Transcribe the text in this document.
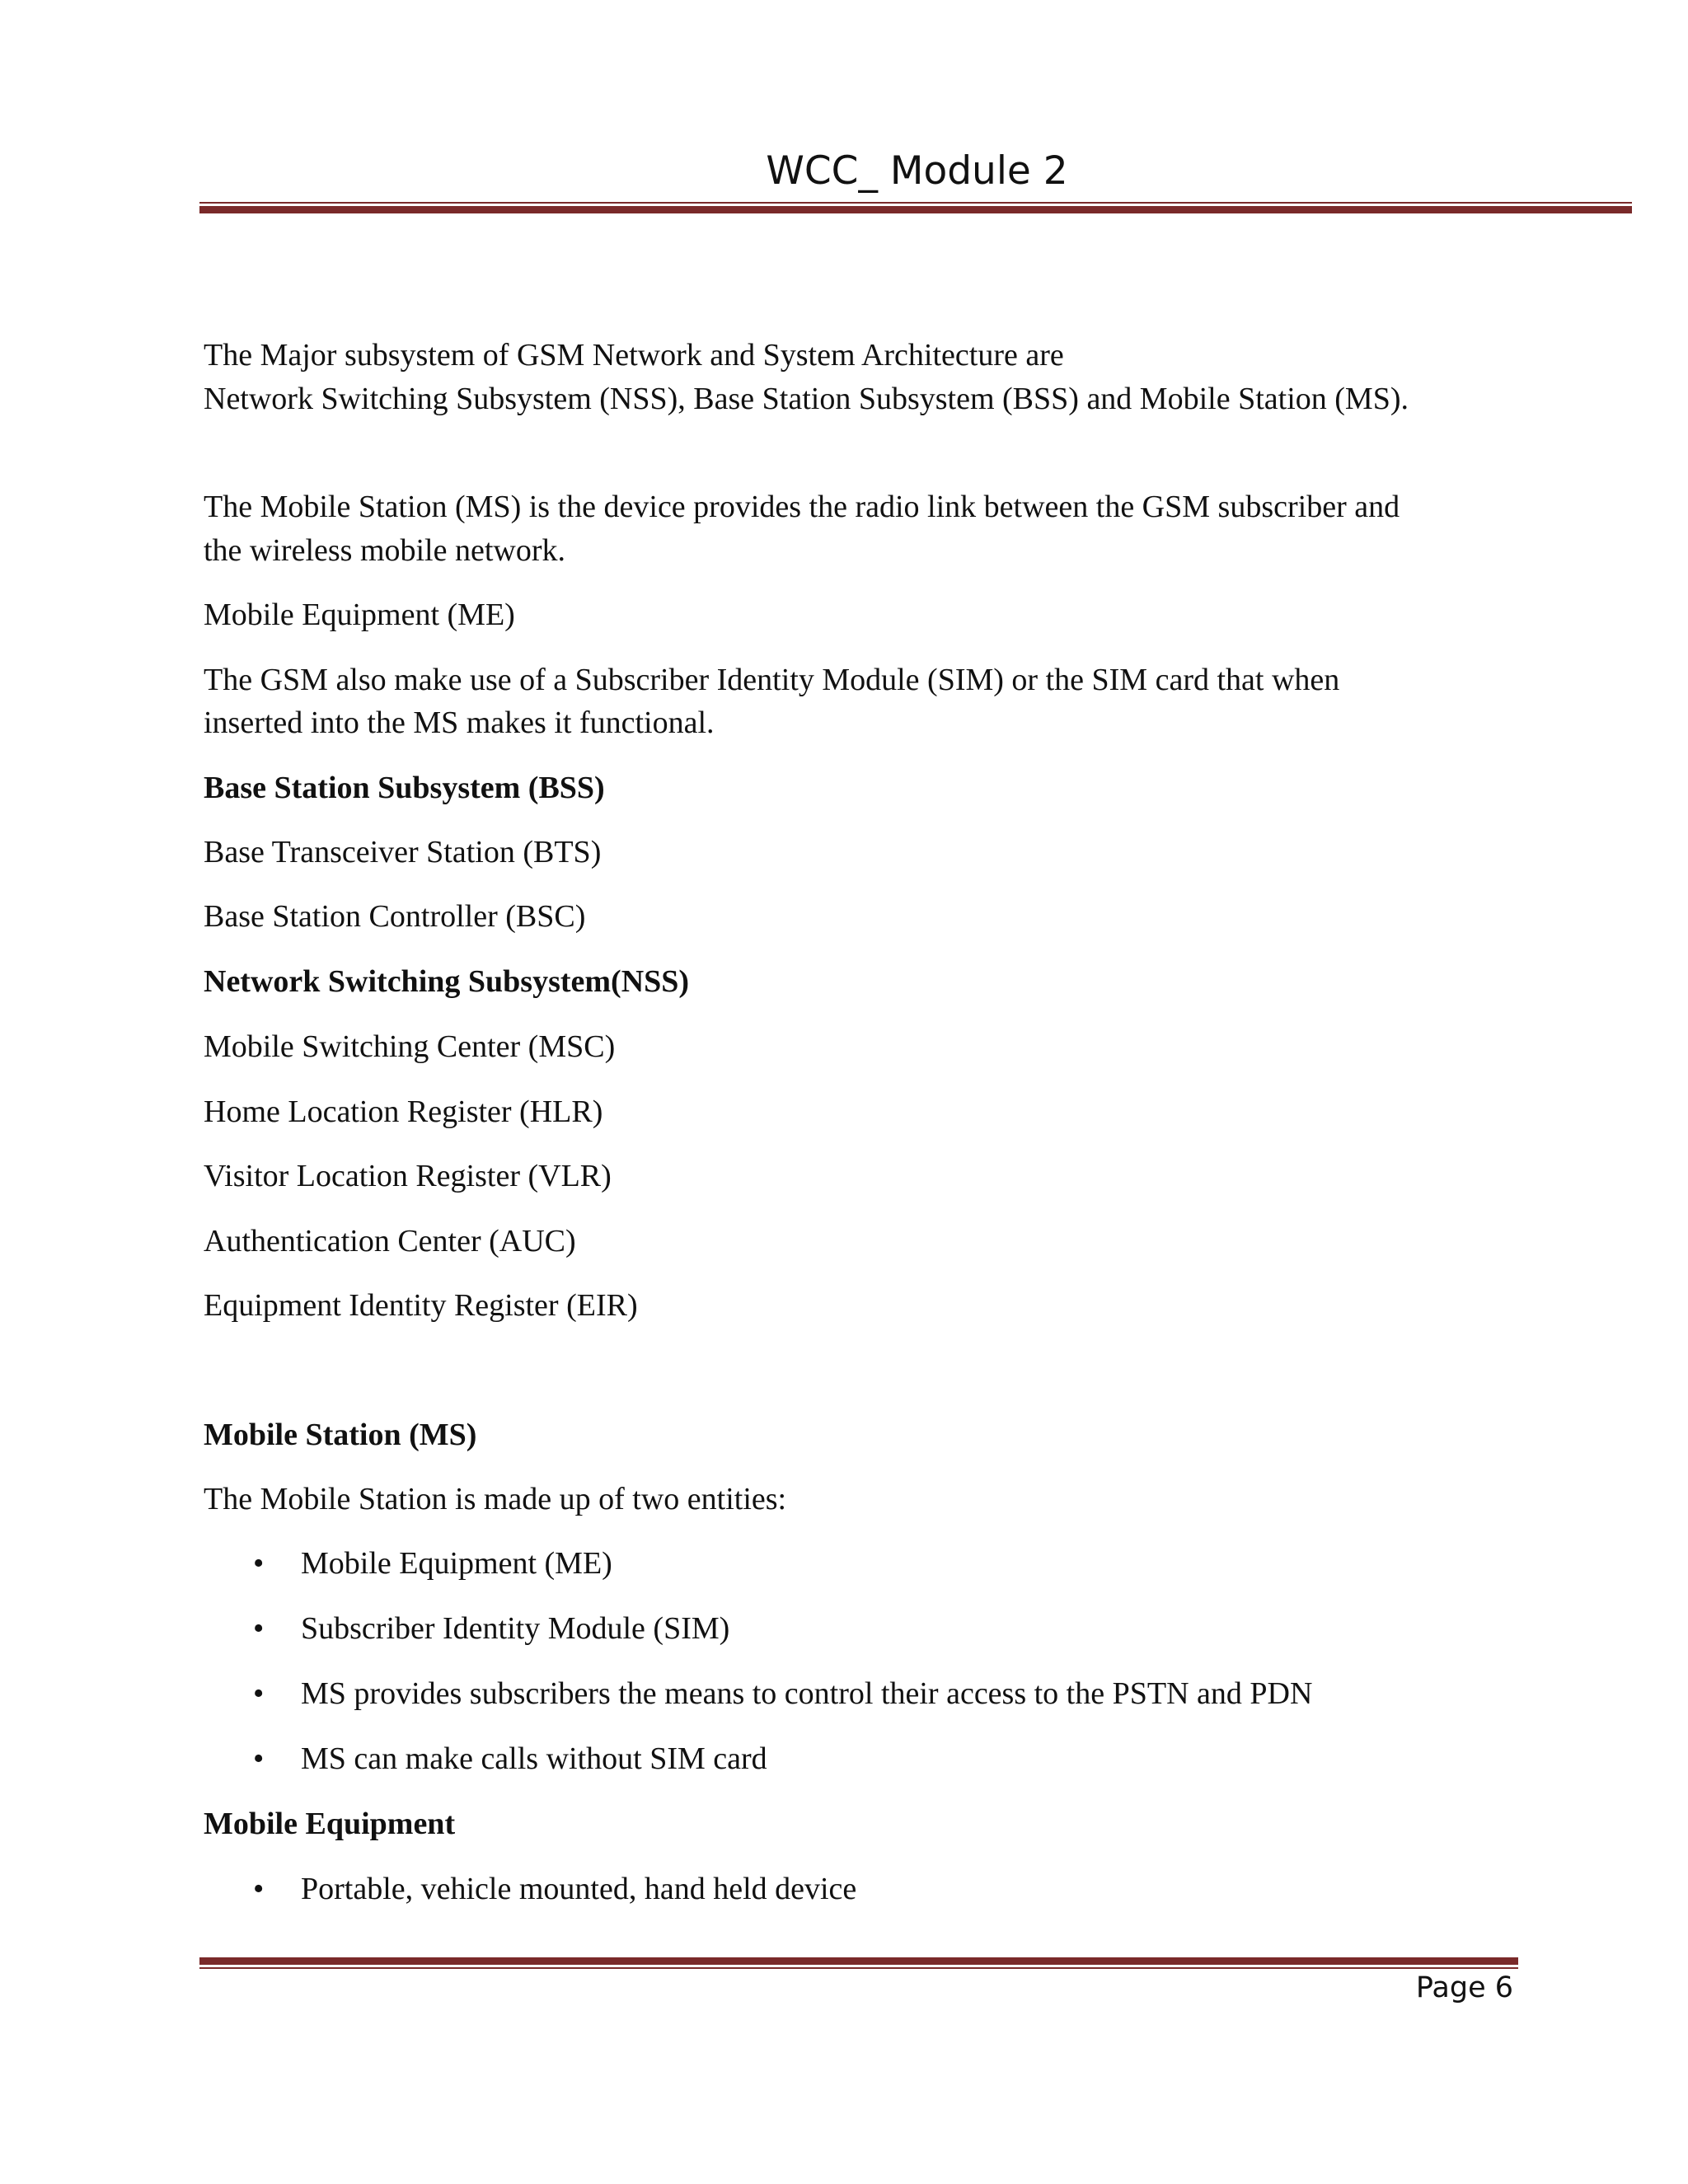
WCC_ Module 2
The Major subsystem of GSM Network and System Architecture are
Network Switching Subsystem (NSS), Base Station Subsystem (BSS) and Mobile Station (MS).
The Mobile Station (MS) is the device provides the radio link between the GSM subscriber and
the wireless mobile network.
Mobile Equipment (ME)
The GSM also make use of a Subscriber Identity Module (SIM) or the SIM card that when
inserted into the MS makes it functional.
Base Station Subsystem (BSS)
Base Transceiver Station (BTS)
Base Station Controller (BSC)
Network Switching Subsystem(NSS)
Mobile Switching Center (MSC)
Home Location Register (HLR)
Visitor Location Register (VLR)
Authentication Center (AUC)
Equipment Identity Register (EIR)
Mobile Station (MS)
The Mobile Station is made up of two entities:
• Mobile Equipment (ME)
• Subscriber Identity Module (SIM)
• MS provides subscribers the means to control their access to the PSTN and PDN
• MS can make calls without SIM card
Mobile Equipment
• Portable, vehicle mounted, hand held device
Page 6
